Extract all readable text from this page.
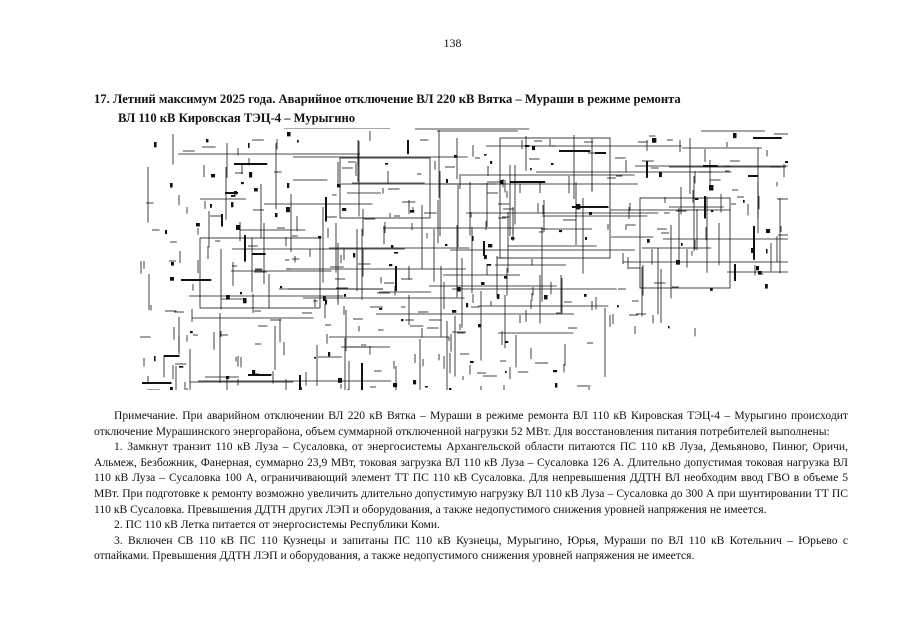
138
17. Летний максимум 2025 года. Аварийное отключение ВЛ 220 кВ Вятка – Мураши в режиме ремонта
ВЛ 110 кВ Кировская ТЭЦ-4 – Мурыгино

Примечание. При аварийном отключении ВЛ 220 кВ Вятка – Мураши в режиме ремонта ВЛ 110 кВ Кировская ТЭЦ-4 – Мурыгино происходит отключение Мурашинского энергорайона, объем суммарной отключенной нагрузки 52 МВт. Для восстановления питания потребителей выполнены:

1. Замкнут транзит 110 кВ Луза – Сусаловка, от энергосистемы Архангельской области питаются ПС 110 кВ Луза, Демьяново, Пинюг, Оричи, Альмеж, Безбожник, Фанерная, суммарно 23,9 МВт, токовая загрузка ВЛ 110 кВ Луза – Сусаловка 126 А. Длительно допустимая токовая нагрузка ВЛ 110 кВ Луза – Сусаловка 100 А, ограничивающий элемент ТТ ПС 110 кВ Сусаловка. Для непревышения ДДТН ВЛ необходим ввод ГВО в объеме 5 МВт. При подготовке к ремонту возможно увеличить длительно допустимую нагрузку ВЛ 110 кВ Луза – Сусаловка до 300 А при шунтировании ТТ ПС 110 кВ Сусаловка. Превышения ДДТН других ЛЭП и оборудования, а также недопустимого снижения уровней напряжения не имеется.

2. ПС 110 кВ Летка питается от энергосистемы Республики Коми.

3. Включен СВ 110 кВ ПС 110 Кузнецы и запитаны ПС 110 кВ Кузнецы, Мурыгино, Юрья, Мураши по ВЛ 110 кВ Котельнич – Юрьево с отпайками. Превышения ДДТН ЛЭП и оборудования, а также недопустимого снижения уровней напряжения не имеется.
